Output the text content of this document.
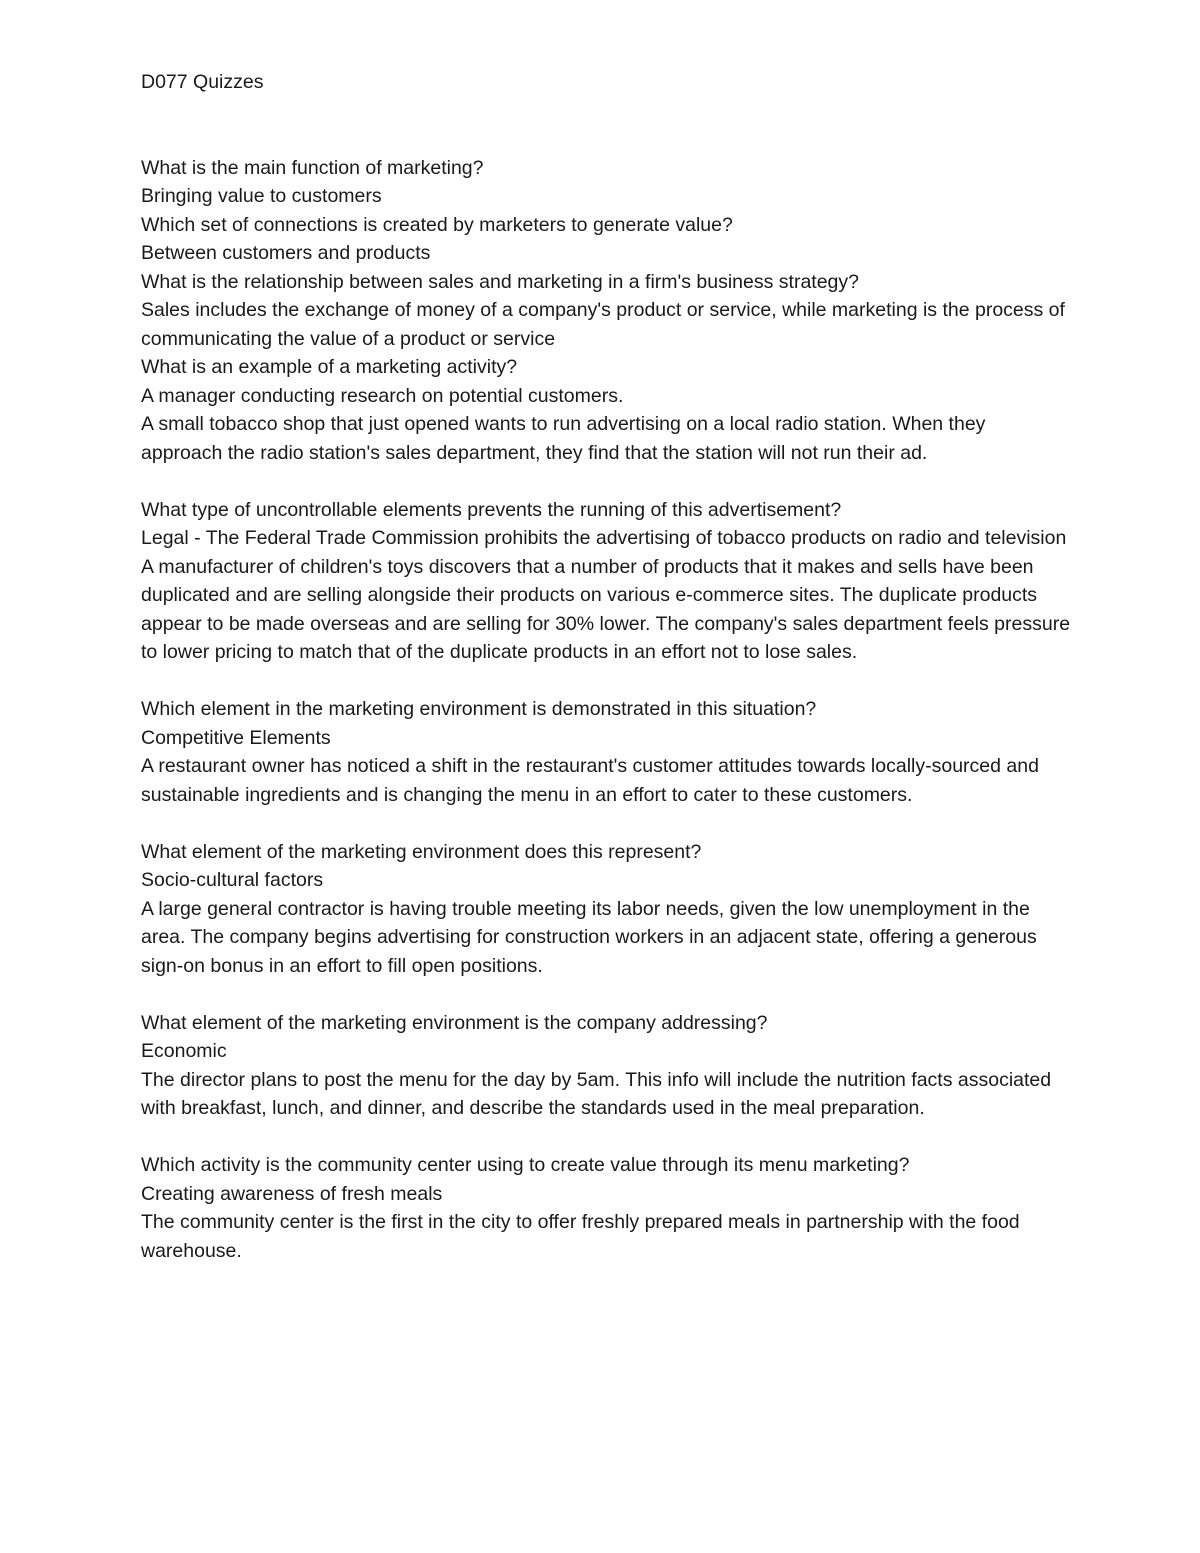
D077 Quizzes
What is the main function of marketing?
Bringing value to customers
Which set of connections is created by marketers to generate value?
Between customers and products
What is the relationship between sales and marketing in a firm's business strategy?
Sales includes the exchange of money of a company's product or service, while marketing is the process of communicating the value of a product or service
What is an example of a marketing activity?
A manager conducting research on potential customers.
A small tobacco shop that just opened wants to run advertising on a local radio station. When they approach the radio station's sales department, they find that the station will not run their ad.
What type of uncontrollable elements prevents the running of this advertisement?
Legal - The Federal Trade Commission prohibits the advertising of tobacco products on radio and television
A manufacturer of children's toys discovers that a number of products that it makes and sells have been duplicated and are selling alongside their products on various e-commerce sites. The duplicate products appear to be made overseas and are selling for 30% lower. The company's sales department feels pressure to lower pricing to match that of the duplicate products in an effort not to lose sales.
Which element in the marketing environment is demonstrated in this situation?
Competitive Elements
A restaurant owner has noticed a shift in the restaurant's customer attitudes towards locally-sourced and sustainable ingredients and is changing the menu in an effort to cater to these customers.
What element of the marketing environment does this represent?
Socio-cultural factors
A large general contractor is having trouble meeting its labor needs, given the low unemployment in the area. The company begins advertising for construction workers in an adjacent state, offering a generous sign-on bonus in an effort to fill open positions.
What element of the marketing environment is the company addressing?
Economic
The director plans to post the menu for the day by 5am. This info will include the nutrition facts associated with breakfast, lunch, and dinner, and describe the standards used in the meal preparation.
Which activity is the community center using to create value through its menu marketing?
Creating awareness of fresh meals
The community center is the first in the city to offer freshly prepared meals in partnership with the food warehouse.
